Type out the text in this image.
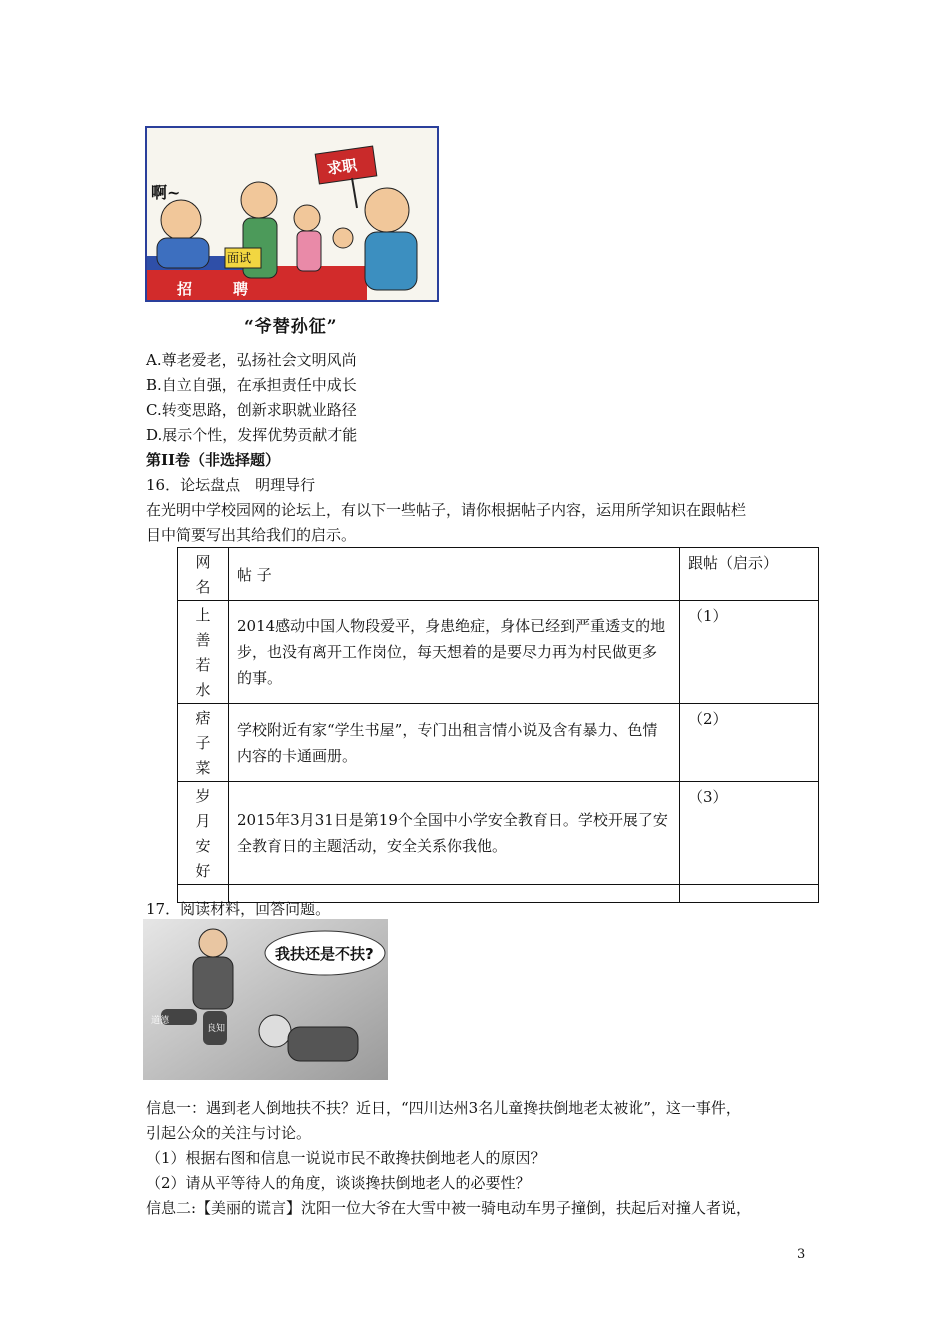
啊~
求职
面试
招	聘
“爷替孙征”
A.尊老爱老，弘扬社会文明风尚
B.自立自强，在承担责任中成长
C.转变思路，创新求职就业路径
D.展示个性，发挥优势贡献才能
第II卷（非选择题）
16．论坛盘点　明理导行
在光明中学校园网的论坛上，有以下一些帖子，请你根据帖子内容，运用所学知识在跟帖栏
目中简要写出其给我们的启示。
网名	帖 子	跟帖（启示）

上善若水	2014感动中国人物段爱平，身患绝症，身体已经到严重透支的地步，也没有离开工作岗位，每天想着的是要尽力再为村民做更多的事。	（1）

痞子菜	学校附近有家“学生书屋”，专门出租言情小说及含有暴力、色情内容的卡通画册。	（2）

岁月安好	2015年3月31日是第19个全国中小学安全教育日。学校开展了安全教育日的主题活动，安全关系你我他。	（3）

17．阅读材料，回答问题。
我扶还是不扶?
道德
良知
信息一：遇到老人倒地扶不扶？近日，“四川达州3名儿童搀扶倒地老太被讹”，这一事件，
引起公众的关注与讨论。
（1）根据右图和信息一说说市民不敢搀扶倒地老人的原因？
（2）请从平等待人的角度，谈谈搀扶倒地老人的必要性？
信息二:【美丽的谎言】沈阳一位大爷在大雪中被一骑电动车男子撞倒，扶起后对撞人者说，
3
